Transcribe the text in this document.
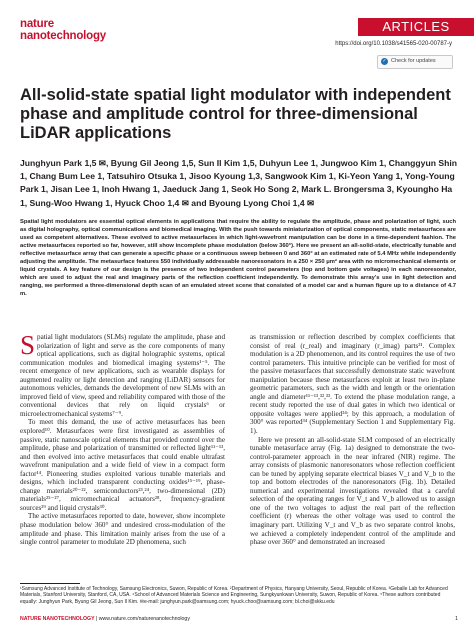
nature
nanotechnology
ARTICLES
https://doi.org/10.1038/s41565-020-00787-y
✓ Check for updates
All-solid-state spatial light modulator with independent phase and amplitude control for three-dimensional LiDAR applications
Junghyun Park 1,5 ✉, Byung Gil Jeong 1,5, Sun Il Kim 1,5, Duhyun Lee 1, Jungwoo Kim 1, Changgyun Shin 1, Chang Bum Lee 1, Tatsuhiro Otsuka 1, Jisoo Kyoung 1,3, Sangwook Kim 1, Ki-Yeon Yang 1, Yong-Young Park 1, Jisan Lee 1, Inoh Hwang 1, Jaeduck Jang 1, Seok Ho Song 2, Mark L. Brongersma 3, Kyoungho Ha 1, Sung-Woo Hwang 1, Hyuck Choo 1,4 ✉ and Byoung Lyong Choi 1,4 ✉
Spatial light modulators are essential optical elements in applications that require the ability to regulate the amplitude, phase and polarization of light, such as digital holography, optical communications and biomedical imaging. With the push towards miniaturization of optical components, static metasurfaces are used as competent alternatives. These evolved to active metasurfaces in which light-wavefront manipulation can be done in a time-dependent fashion. The active metasurfaces reported so far, however, still show incomplete phase modulation (below 360°). Here we present an all-solid-state, electrically tunable and reflective metasurface array that can generate a specific phase or a continuous sweep between 0 and 360° at an estimated rate of 5.4 MHz while independently adjusting the amplitude. The metasurface features 550 individually addressable nanoresonators in a 250 × 250 μm² area with no micromechanical elements or liquid crystals. A key feature of our design is the presence of two independent control parameters (top and bottom gate voltages) in each nanoresonator, which are used to adjust the real and imaginary parts of the reflection coefficient independently. To demonstrate this array's use in light detection and ranging, we performed a three-dimensional depth scan of an emulated street scene that consisted of a model car and a human figure up to a distance of 4.7 m.

Spatial light modulators (SLMs) regulate the amplitude, phase and polarization of light and serve as the core components of many optical applications, such as digital holographic systems, optical communication modules and biomedical imaging systems¹⁻⁵. The recent emergence of new applications, such as wearable displays for augmented reality or light detection and ranging (LiDAR) sensors for autonomous vehicles, demands the development of new SLMs with an improved field of view, speed and reliability compared with those of the conventional devices that rely on liquid crystals⁶ or microelectromechanical systems⁷⁻⁹.

To meet this demand, the use of active metasurfaces has been explored¹⁰. Metasurfaces were first investigated as assemblies of passive, static nanoscale optical elements that provided control over the amplitude, phase and polarization of transmitted or reflected light¹¹⁻¹³, and then evolved into active metasurfaces that could enable ultrafast wavefront manipulation and a wide field of view in a compact form factor¹⁴. Pioneering studies exploited various tunable materials and designs, which included transparent conducting oxides¹⁵⁻¹⁹, phase-change materials²⁰⁻²², semiconductors²³,²⁴, two-dimensional (2D) materials²⁵⁻²⁷, micromechanical actuators²⁸, frequency-gradient sources²⁹ and liquid crystals³⁰.

The active metasurfaces reported to date, however, show incomplete phase modulation below 360° and undesired cross-modulation of the amplitude and phase. This limitation mainly arises from the use of a single control parameter to modulate 2D phenomena, such

as transmission or reflection described by complex coefficients that consist of real (r_real) and imaginary (r_imag) parts³¹. Complex modulation is a 2D phenomenon, and its control requires the use of two control parameters. This intuitive principle can be verified for most of the passive metasurfaces that successfully demonstrate static wavefront manipulation because these metasurfaces exploit at least two in-plane geometric parameters, such as the width and length or the orientation angle and diameter¹¹⁻¹³,³²,³³. To extend the phase modulation range, a recent study reported the use of dual gates in which two identical or opposite voltages were applied³⁴; by this approach, a modulation of 300° was reported³⁴ (Supplementary Section 1 and Supplementary Fig. 1).

Here we present an all-solid-state SLM composed of an electrically tunable metasurface array (Fig. 1a) designed to demonstrate the two-control-parameter approach in the near infrared (NIR) regime. The array consists of plasmonic nanoresonators whose reflection coefficient can be tuned by applying separate electrical biases V_t and V_b to the top and bottom electrodes of the nanoresonators (Fig. 1b). Detailed numerical and experimental investigations revealed that a careful selection of the operating ranges for V_t and V_b allowed us to assign one of the two voltages to adjust the real part of the reflection coefficient (r) whereas the other voltage was used to control the imaginary part. Utilizing V_t and V_b as two separate control knobs, we achieved a completely independent control of the amplitude and phase over 360° and demonstrated an increased

¹Samsung Advanced Institute of Technology, Samsung Electronics, Suwon, Republic of Korea. ²Department of Physics, Hanyang University, Seoul, Republic of Korea. ³Geballe Lab for Advanced Materials, Stanford University, Stanford, CA, USA. ⁴School of Advanced Materials Science and Engineering, Sungkyunkwan University, Suwon, Republic of Korea. ⁵These authors contributed equally: Junghyun Park, Byung Gil Jeong, Sun Il Kim. ✉e-mail: junghyun.park@samsung.com; hyuck.choo@samsung.com; bl.choi@skku.edu
NATURE NANOTECHNOLOGY | www.nature.com/naturenanotechnology	1
